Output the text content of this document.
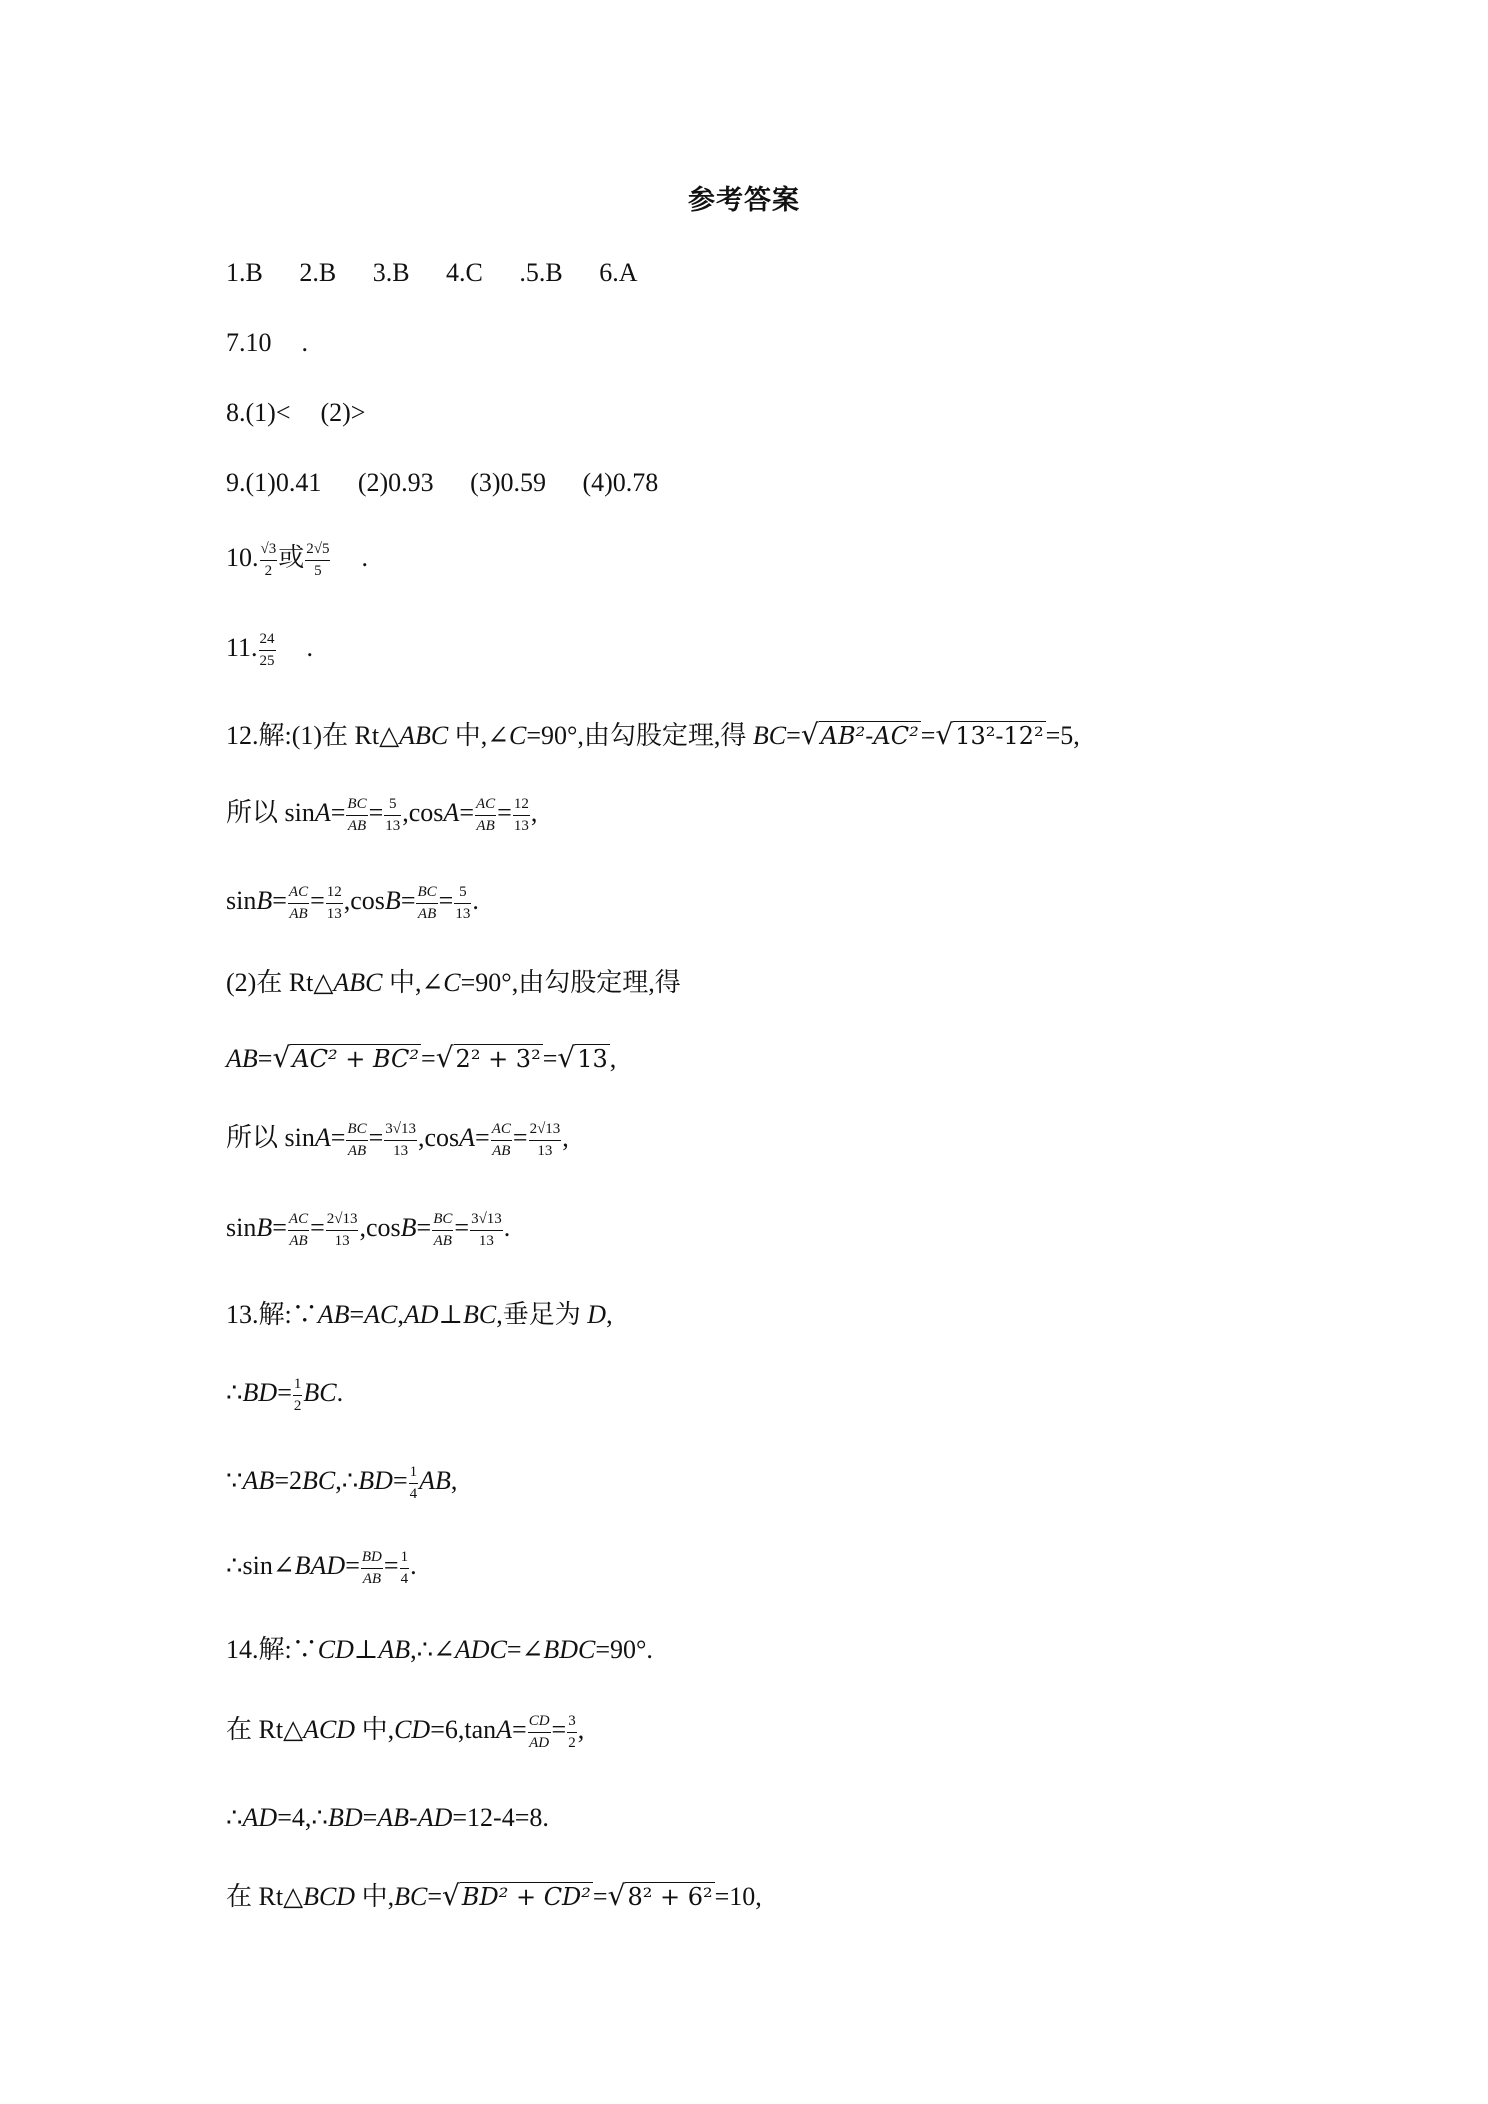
参考答案
1.B 2.B 3.B 4.C .5.B 6.A
7.10 .
8.(1)< (2)>
9.(1)0.41 (2)0.93 (3)0.59 (4)0.78
10. $\frac{√3}{2}$ 或 $\frac{2√5}{5}$ .
11. $\frac{24}{25}$ .
12.解:(1)在 Rt△ABC 中,∠C=90°,由勾股定理,得 BC=√AB²-AC²=√13²-12²=5,
所以 $\sin A= \frac{BC}{AB} = \frac{5}{13} ,\cos A= \frac{AC}{AB} = \frac{12}{13}$ ,
$\sin B= \frac{AC}{AB} = \frac{12}{13} ,\cos B= \frac{BC}{AB} = \frac{5}{13}$ .
(2)在 Rt△ABC 中,∠C=90°,由勾股定理,得
AB=√AC² + BC²=√2² + 3²=√13,
所以 $\sin A= \frac{BC}{AB} = \frac{3√13}{13} ,\cos A= \frac{AC}{AB} = \frac{2√13}{13}$ ,
$\sin B= \frac{AC}{AB} = \frac{2√13}{13} ,\cos B= \frac{BC}{AB} = \frac{3√13}{13}$ .
13.解:∵AB=AC,AD⊥BC,垂足为 D,
∴BD= $\frac{1}{2}$ BC.
∵AB=2BC,∴BD= $\frac{1}{4}$ AB,
∴sin∠BAD= $\frac{BD}{AB} = \frac{1}{4}$ .
14.解:∵CD⊥AB,∴∠ADC=∠BDC=90°.
在 Rt△ACD 中$,CD=6,\tan A= \frac{CD}{AD} = \frac{3}{2}$ ,
∴AD=4,∴BD=AB-AD=12-4=8.
在 Rt△BCD 中,BC=√BD² + CD²=√8² + 6²=10,
